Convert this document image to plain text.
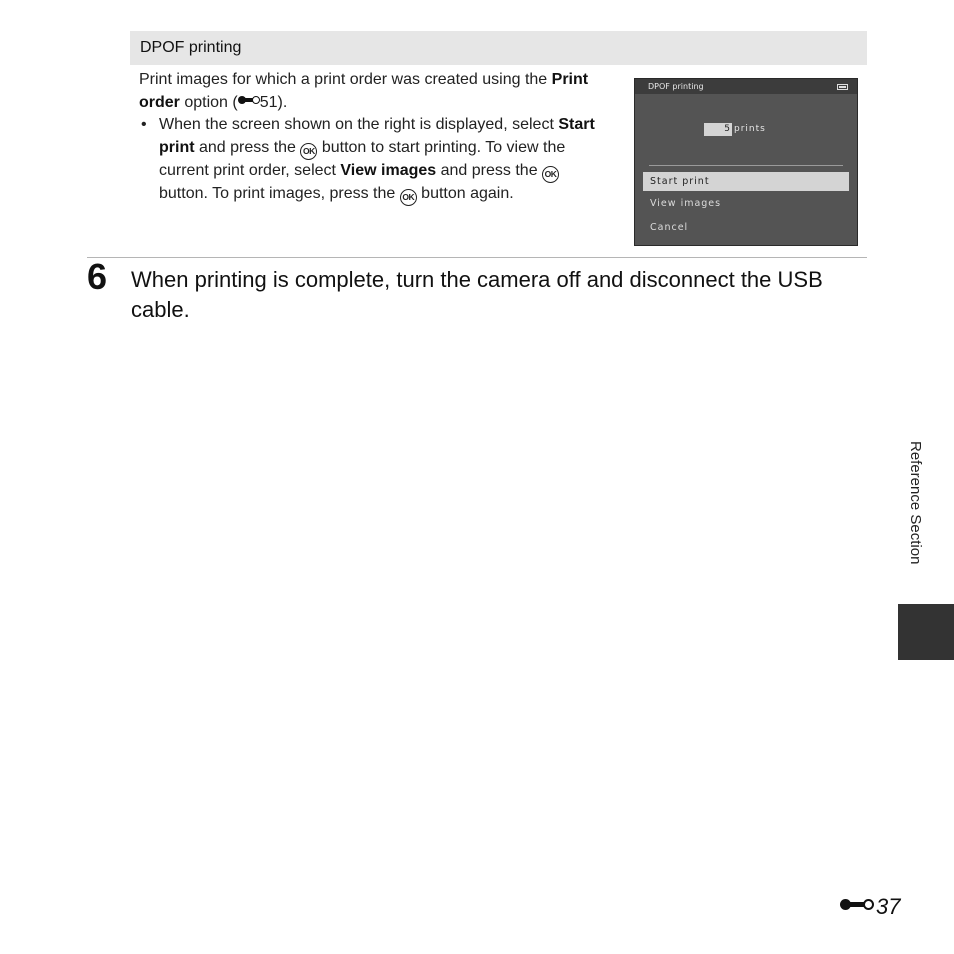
DPOF printing

Print images for which a print order was created using the Print order option ( 51).

• When the screen shown on the right is displayed, select Start print and press the OK button to start printing. To view the current print order, select View images and press the OK button. To print images, press the OK button again.

DPOF printing
5 prints
Start print
View images
Cancel
6 When printing is complete, turn the camera off and disconnect the USB cable.
Reference Section
37
